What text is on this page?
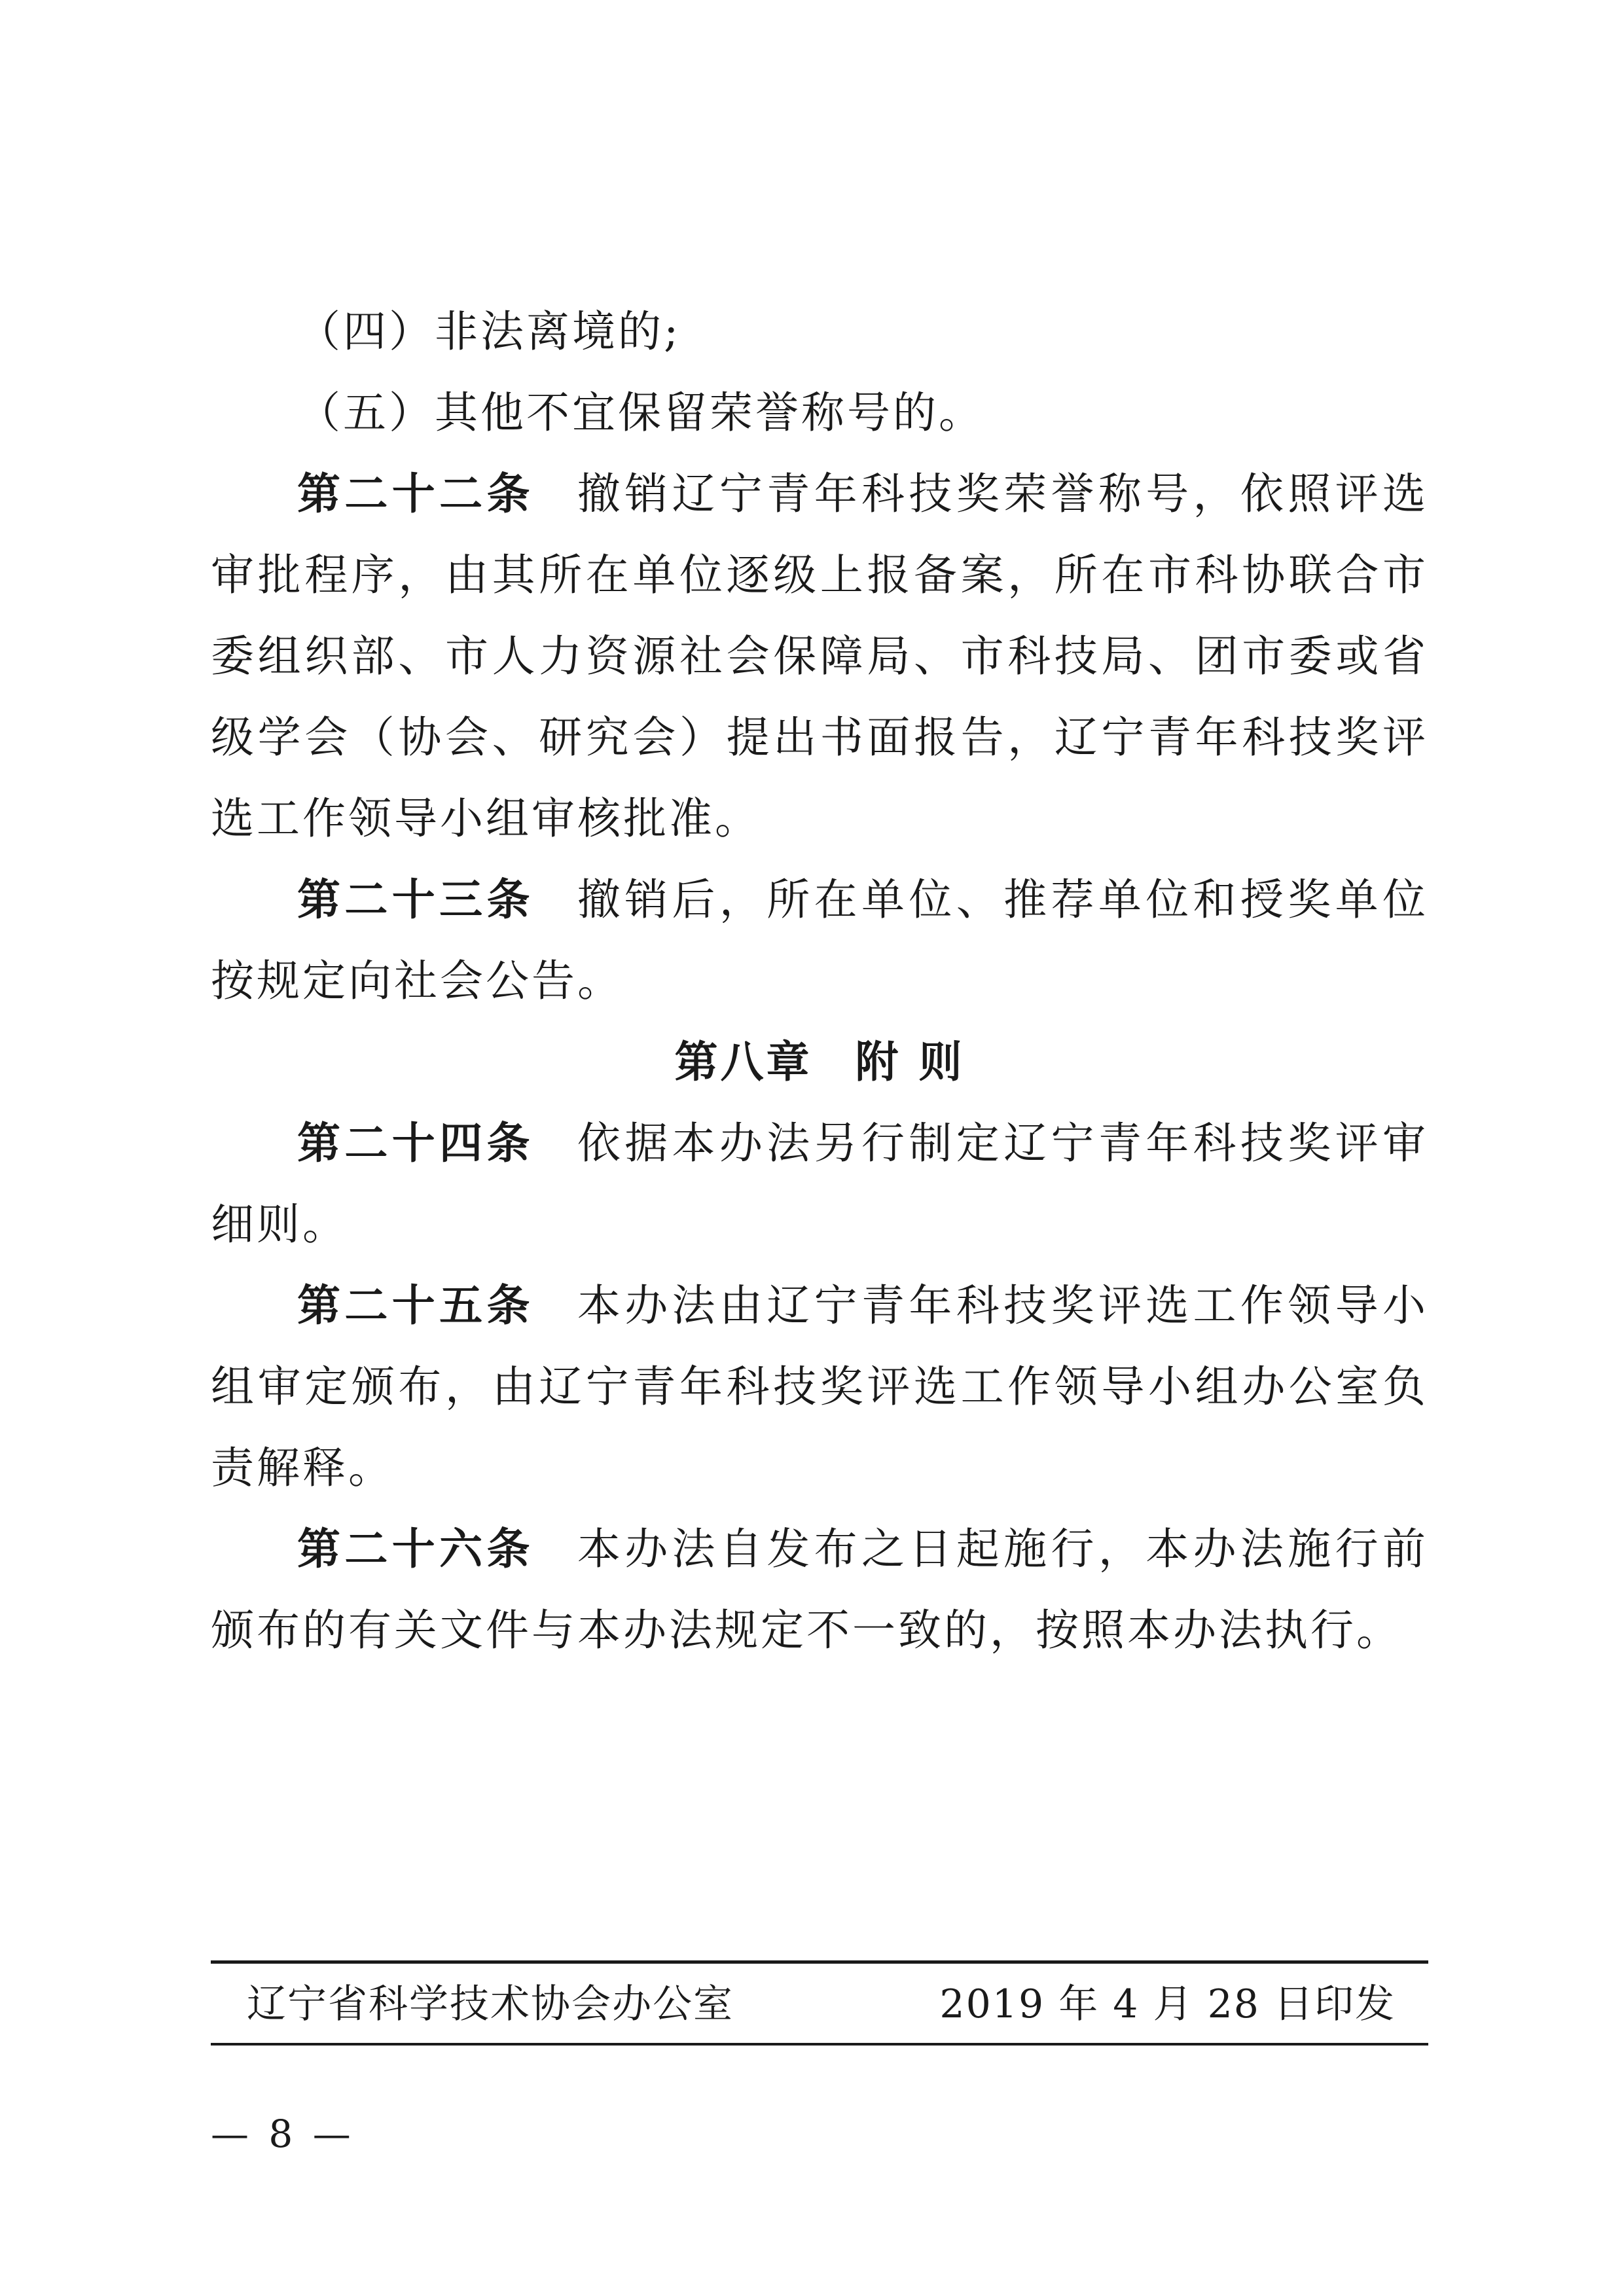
（四）非法离境的;

（五）其他不宜保留荣誉称号的。

第二十二条 撤销辽宁青年科技奖荣誉称号，依照评选审批程序，由其所在单位逐级上报备案，所在市科协联合市委组织部、市人力资源社会保障局、市科技局、团市委或省级学会（协会、研究会）提出书面报告，辽宁青年科技奖评选工作领导小组审核批准。

第二十三条 撤销后，所在单位、推荐单位和授奖单位按规定向社会公告。

第八章 附 则

第二十四条 依据本办法另行制定辽宁青年科技奖评审细则。

第二十五条 本办法由辽宁青年科技奖评选工作领导小组审定颁布，由辽宁青年科技奖评选工作领导小组办公室负责解释。

第二十六条 本办法自发布之日起施行，本办法施行前颁布的有关文件与本办法规定不一致的，按照本办法执行。

辽宁省科学技术协会办公室	2019 年 4 月 28 日印发
— 8 —
